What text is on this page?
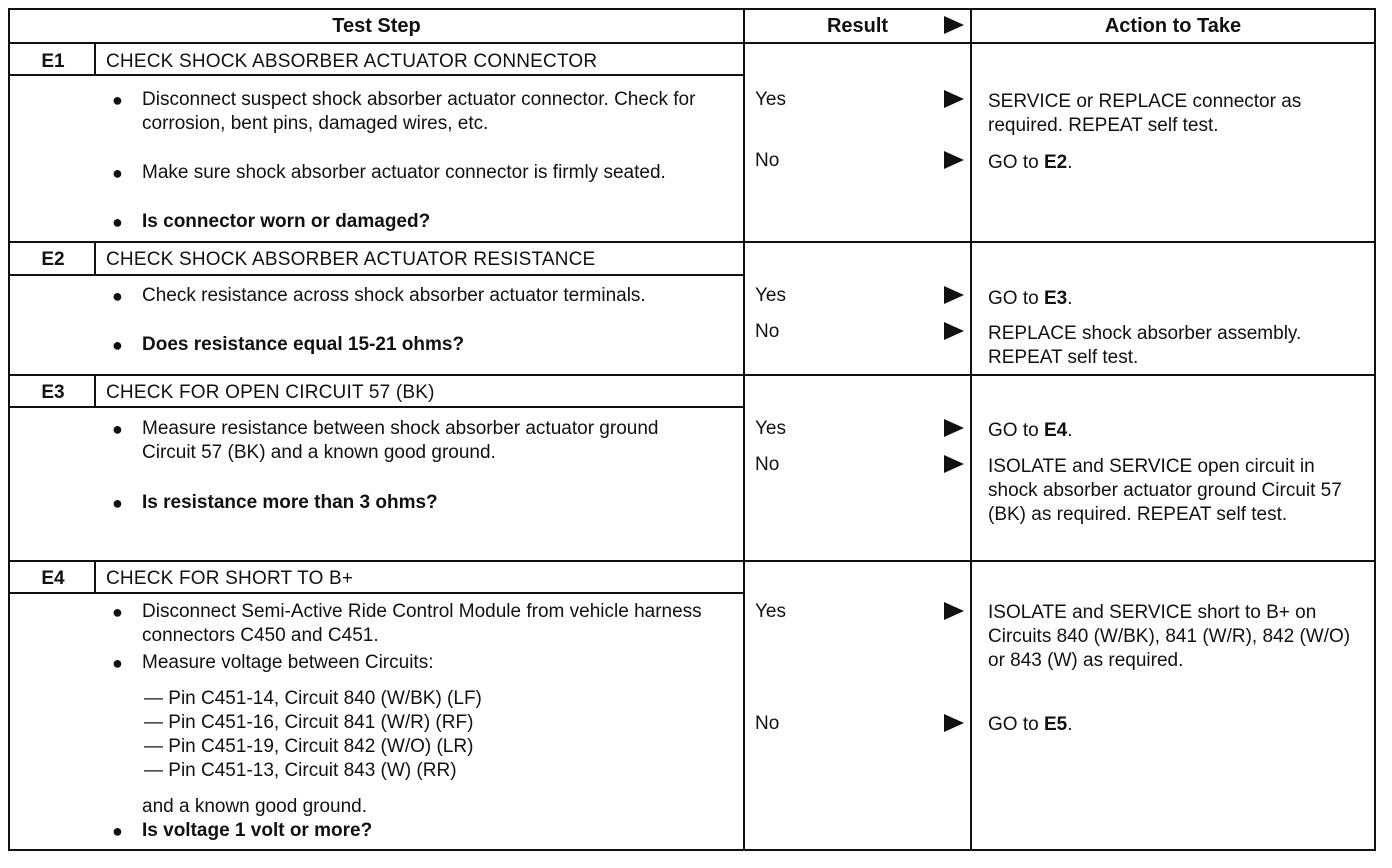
Test Step	Result	Action to Take
E1	CHECK SHOCK ABSORBER ACTUATOR CONNECTOR
● Disconnect suspect shock absorber actuator connector. Check for corrosion, bent pins, damaged wires, etc.
● Make sure shock absorber actuator connector is firmly seated.
● Is connector worn or damaged?
Yes	SERVICE or REPLACE connector as required. REPEAT self test.
No	GO to E2.
E2	CHECK SHOCK ABSORBER ACTUATOR RESISTANCE
● Check resistance across shock absorber actuator terminals.
● Does resistance equal 15-21 ohms?
Yes	GO to E3.
No	REPLACE shock absorber assembly. REPEAT self test.
E3	CHECK FOR OPEN CIRCUIT 57 (BK)
● Measure resistance between shock absorber actuator ground Circuit 57 (BK) and a known good ground.
● Is resistance more than 3 ohms?
Yes	GO to E4.
No	ISOLATE and SERVICE open circuit in shock absorber actuator ground Circuit 57 (BK) as required. REPEAT self test.
E4	CHECK FOR SHORT TO B+
● Disconnect Semi-Active Ride Control Module from vehicle harness connectors C450 and C451.
● Measure voltage between Circuits:
— Pin C451-14, Circuit 840 (W/BK) (LF)
— Pin C451-16, Circuit 841 (W/R) (RF)
— Pin C451-19, Circuit 842 (W/O) (LR)
— Pin C451-13, Circuit 843 (W) (RR)
and a known good ground.
● Is voltage 1 volt or more?
Yes	ISOLATE and SERVICE short to B+ on Circuits 840 (W/BK), 841 (W/R), 842 (W/O) or 843 (W) as required.
No	GO to E5.
